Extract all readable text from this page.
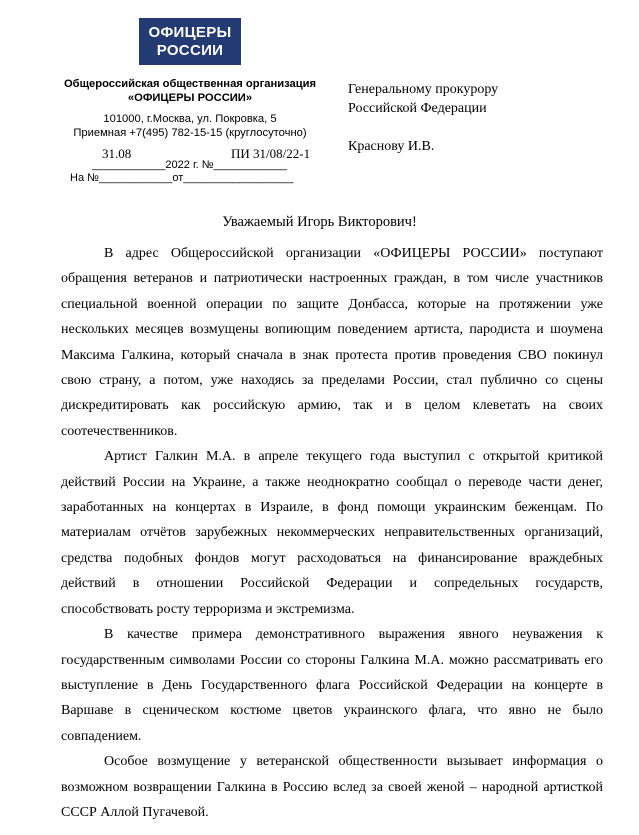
ОФИЦЕРЫ
РОССИИ
Общероссийская общественная организация
«ОФИЦЕРЫ РОССИИ»
101000, г.Москва, ул. Покровка, 5
Приемная +7(495) 782-15-15 (круглосуточно)
31.08	ПИ 31/08/22-1
____________2022 г. №____________
На №____________от__________________
Генеральному прокурору
Российской Федерации
Краснову И.В.
Уважаемый Игорь Викторович!

В адрес Общероссийской организации «ОФИЦЕРЫ РОССИИ» поступают обращения ветеранов и патриотически настроенных граждан, в том числе участников специальной военной операции по защите Донбасса, которые на протяжении уже нескольких месяцев возмущены вопиющим поведением артиста, пародиста и шоумена Максима Галкина, который сначала в знак протеста против проведения СВО покинул свою страну, а потом, уже находясь за пределами России, стал публично со сцены дискредитировать как российскую армию, так и в целом клеветать на своих соотечественников.

Артист Галкин М.А. в апреле текущего года выступил с открытой критикой действий России на Украине, а также неоднократно сообщал о переводе части денег, заработанных на концертах в Израиле, в фонд помощи украинским беженцам. По материалам отчётов зарубежных некоммерческих неправительственных организаций, средства подобных фондов могут расходоваться на финансирование враждебных действий в отношении Российской Федерации и сопредельных государств, способствовать росту терроризма и экстремизма.

В качестве примера демонстративного выражения явного неуважения к государственным символами России со стороны Галкина М.А. можно рассматривать его выступление в День Государственного флага Российской Федерации на концерте в Варшаве в сценическом костюме цветов украинского флага, что явно не было совпадением.

Особое возмущение у ветеранской общественности вызывает информация о возможном возвращении Галкина в Россию вслед за своей женой – народной артисткой СССР Аллой Пугачевой.
